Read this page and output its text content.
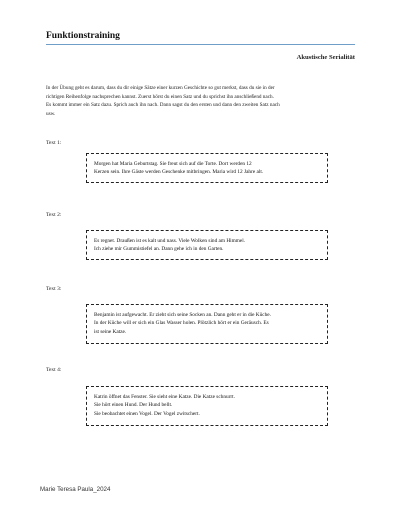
Funktionstraining
Akustische Serialität

In der Übung geht es darum, dass du dir einige Sätze einer kurzen Geschichte so gut merkst, dass du sie in der

richtigen Reihenfolge nachsprechen kannst. Zuerst hörst du einen Satz und du sprichst ihn anschließend nach.

Es kommt immer ein Satz dazu. Sprich auch ihn nach. Dann sagst du den ersten und dann den zweiten Satz nach

usw.

Text 1:
Morgen hat Maria Geburtstag. Sie freut sich auf die Torte. Dort werden 12
Kerzen sein. Ihre Gäste werden Geschenke mitbringen. Maria wird 12 Jahre alt.
Text 2:
Es regnet. Draußen ist es kalt und nass. Viele Wolken sind am Himmel.
Ich ziehe mir Gummistiefel an. Dann gehe ich in den Garten.
Text 3:
Benjamin ist aufgewacht. Er zieht sich seine Socken an. Dann geht er in die Küche.
In der Küche will er sich ein Glas Wasser holen. Plötzlich hört er ein Geräusch. Es
ist seine Katze.
Text 4:
Katrin öffnet das Fenster. Sie sieht eine Katze. Die Katze schnurrt.
Sie hört einen Hund. Der Hund bellt.
Sie beobachtet einen Vogel. Der Vogel zwitschert.
Marie Teresa Paula_2024
